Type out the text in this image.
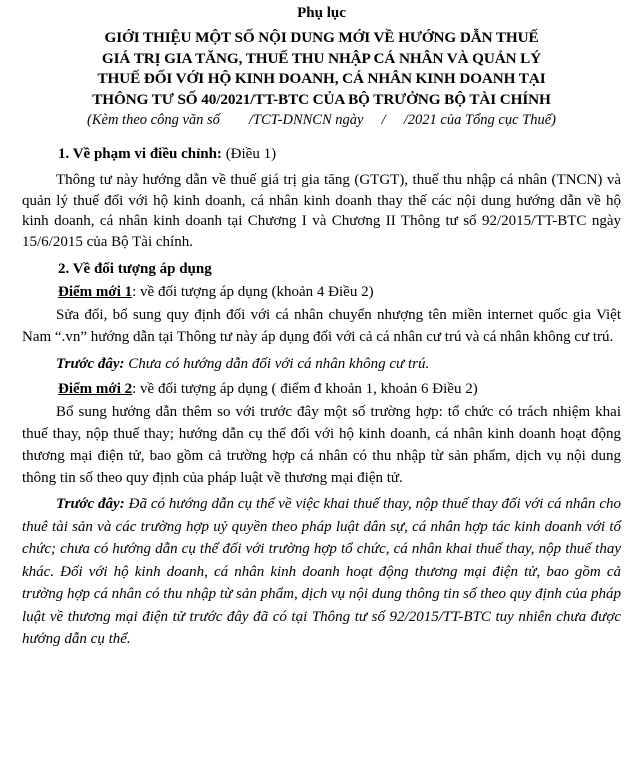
Phụ lục
GIỚI THIỆU MỘT SỐ NỘI DUNG MỚI VỀ HƯỚNG DẪN THUẾ
GIÁ TRỊ GIA TĂNG, THUẾ THU NHẬP CÁ NHÂN VÀ QUẢN LÝ
THUẾ ĐỐI VỚI HỘ KINH DOANH, CÁ NHÂN KINH DOANH TẠI
THÔNG TƯ SỐ 40/2021/TT-BTC CỦA BỘ TRƯỞNG BỘ TÀI CHÍNH
(Kèm theo công văn số        /TCT-DNNCN ngày     /     /2021 của Tổng cục Thuế)
1. Về phạm vi điều chỉnh: (Điều 1)

Thông tư này hướng dẫn về thuế giá trị gia tăng (GTGT), thuế thu nhập cá nhân (TNCN) và quản lý thuế đối với hộ kinh doanh, cá nhân kinh doanh thay thế các nội dung hướng dẫn về hộ kinh doanh, cá nhân kinh doanh tại Chương I và Chương II Thông tư số 92/2015/TT-BTC ngày 15/6/2015 của Bộ Tài chính.

2. Về đối tượng áp dụng
Điểm mới 1: về đối tượng áp dụng (khoản 4 Điều 2)

Sửa đổi, bổ sung quy định đối với cá nhân chuyển nhượng tên miền internet quốc gia Việt Nam “.vn” hướng dẫn tại Thông tư này áp dụng đối với cả cá nhân cư trú và cá nhân không cư trú.

Trước đây: Chưa có hướng dẫn đối với cá nhân không cư trú.
Điểm mới 2: về đối tượng áp dụng ( điểm đ khoản 1, khoản 6 Điều 2)

Bổ sung hướng dẫn thêm so với trước đây một số trường hợp: tổ chức có trách nhiệm khai thuế thay, nộp thuế thay; hướng dẫn cụ thể đối với hộ kinh doanh, cá nhân kinh doanh hoạt động thương mại điện tử, bao gồm cả trường hợp cá nhân có thu nhập từ sản phẩm, dịch vụ nội dung thông tin số theo quy định của pháp luật về thương mại điện tử.

Trước đây: Đã có hướng dẫn cụ thể về việc khai thuế thay, nộp thuế thay đối với cá nhân cho thuê tài sản và các trường hợp uỷ quyền theo pháp luật dân sự, cá nhân hợp tác kinh doanh với tổ chức; chưa có hướng dẫn cụ thể đối với trường hợp tổ chức, cá nhân khai thuế thay, nộp thuế thay khác. Đối với hộ kinh doanh, cá nhân kinh doanh hoạt động thương mại điện tử, bao gồm cả trường hợp cá nhân có thu nhập từ sản phẩm, dịch vụ nội dung thông tin số theo quy định của pháp luật về thương mại điện tử trước đây đã có tại Thông tư số 92/2015/TT-BTC tuy nhiên chưa được hướng dẫn cụ thể.
